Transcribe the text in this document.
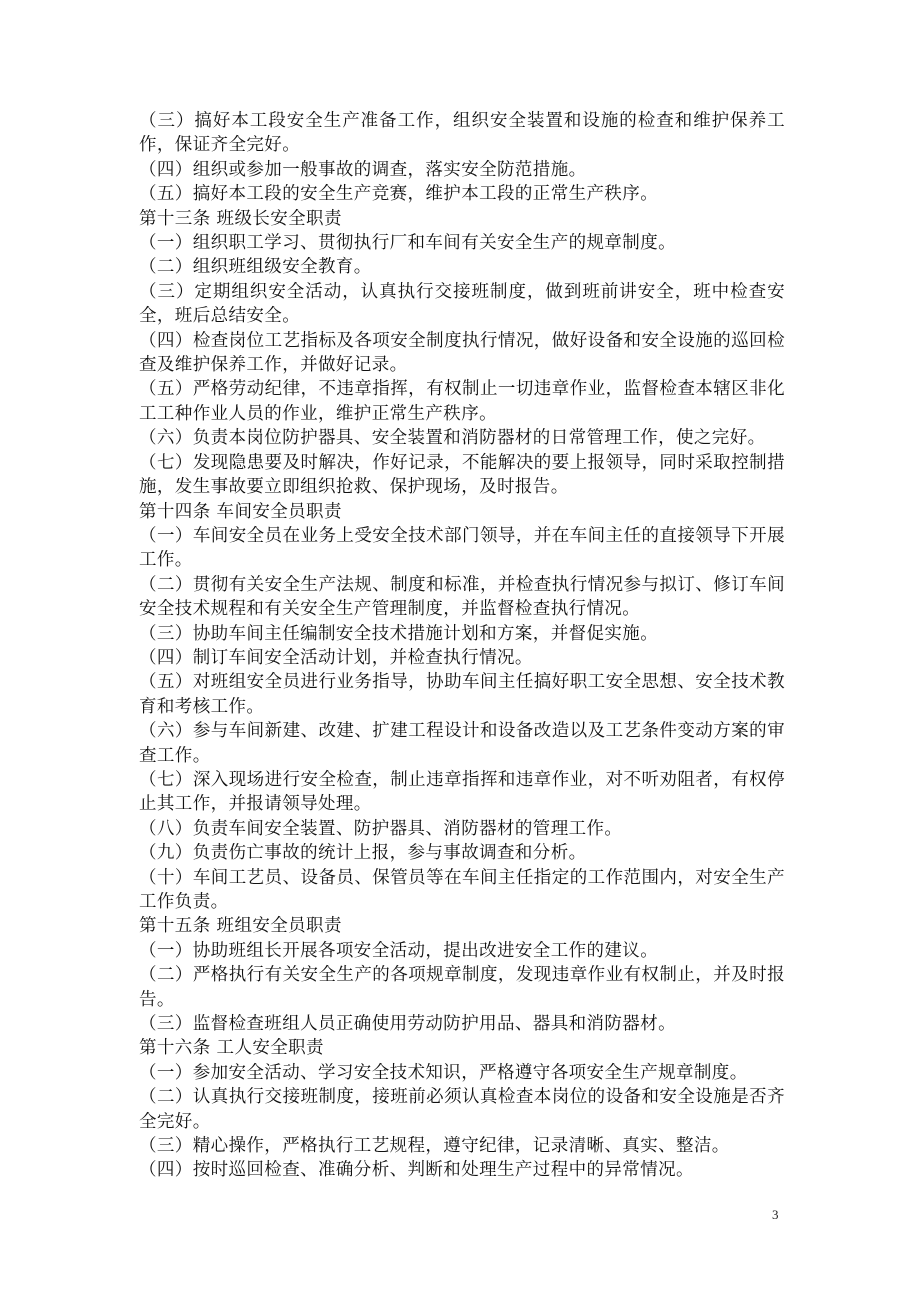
（三）搞好本工段安全生产准备工作，组织安全装置和设施的检查和维护保养工作，保证齐全完好。

（四）组织或参加一般事故的调查，落实安全防范措施。

（五）搞好本工段的安全生产竞赛，维护本工段的正常生产秩序。

第十三条 班级长安全职责

（一）组织职工学习、贯彻执行厂和车间有关安全生产的规章制度。

（二）组织班组级安全教育。

（三）定期组织安全活动，认真执行交接班制度，做到班前讲安全，班中检查安全，班后总结安全。

（四）检查岗位工艺指标及各项安全制度执行情况，做好设备和安全设施的巡回检查及维护保养工作，并做好记录。

（五）严格劳动纪律，不违章指挥，有权制止一切违章作业，监督检查本辖区非化工工种作业人员的作业，维护正常生产秩序。

（六）负责本岗位防护器具、安全装置和消防器材的日常管理工作，使之完好。

（七）发现隐患要及时解决，作好记录，不能解决的要上报领导，同时采取控制措施，发生事故要立即组织抢救、保护现场，及时报告。

第十四条 车间安全员职责

（一）车间安全员在业务上受安全技术部门领导，并在车间主任的直接领导下开展工作。

（二）贯彻有关安全生产法规、制度和标准，并检查执行情况参与拟订、修订车间安全技术规程和有关安全生产管理制度，并监督检查执行情况。

（三）协助车间主任编制安全技术措施计划和方案，并督促实施。

（四）制订车间安全活动计划，并检查执行情况。

（五）对班组安全员进行业务指导，协助车间主任搞好职工安全思想、安全技术教育和考核工作。

（六）参与车间新建、改建、扩建工程设计和设备改造以及工艺条件变动方案的审查工作。

（七）深入现场进行安全检查，制止违章指挥和违章作业，对不听劝阻者，有权停止其工作，并报请领导处理。

（八）负责车间安全装置、防护器具、消防器材的管理工作。

（九）负责伤亡事故的统计上报，参与事故调查和分析。

（十）车间工艺员、设备员、保管员等在车间主任指定的工作范围内，对安全生产工作负责。

第十五条 班组安全员职责

（一）协助班组长开展各项安全活动，提出改进安全工作的建议。

（二）严格执行有关安全生产的各项规章制度，发现违章作业有权制止，并及时报告。

（三）监督检查班组人员正确使用劳动防护用品、器具和消防器材。

第十六条 工人安全职责

（一）参加安全活动、学习安全技术知识，严格遵守各项安全生产规章制度。

（二）认真执行交接班制度，接班前必须认真检查本岗位的设备和安全设施是否齐全完好。

（三）精心操作，严格执行工艺规程，遵守纪律，记录清晰、真实、整洁。

（四）按时巡回检查、准确分析、判断和处理生产过程中的异常情况。

3
